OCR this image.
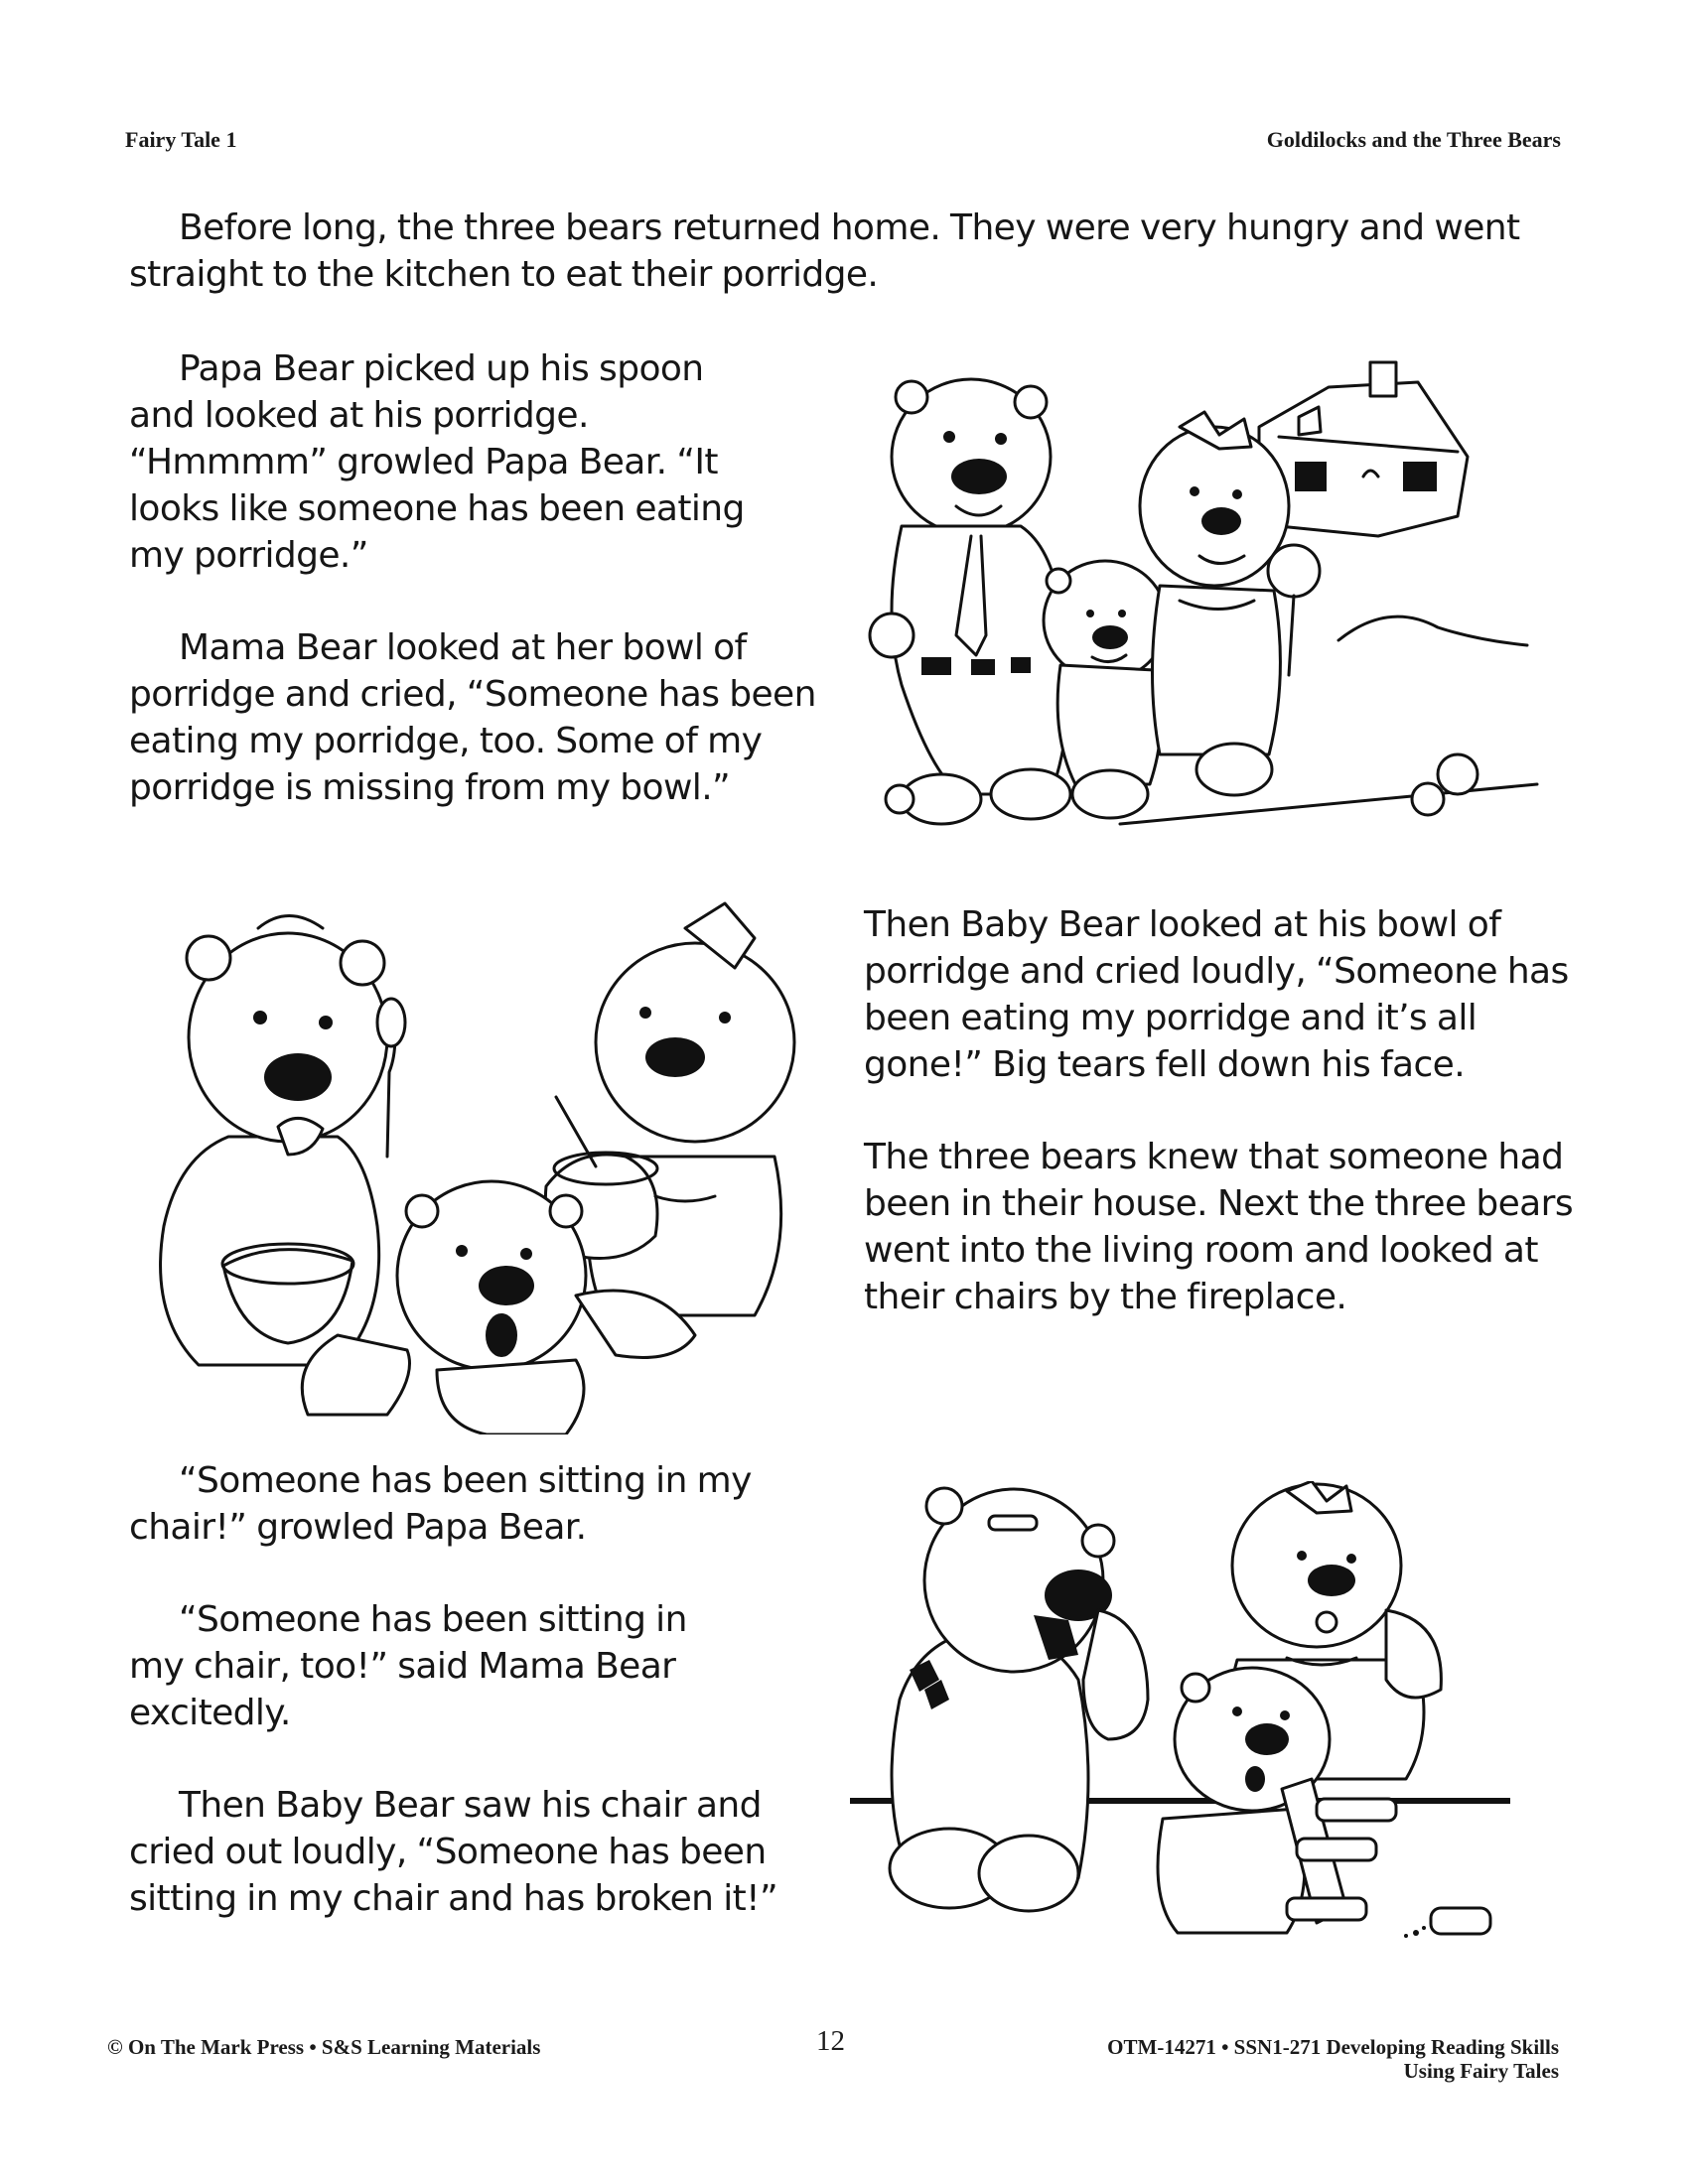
Fairy Tale 1	Goldilocks and the Three Bears

Before long, the three bears returned home. They were very hungry and went straight to the kitchen to eat their porridge.

Papa Bear picked up his spoon and looked at his porridge. “Hmmmm” growled Papa Bear. “It looks like someone has been eating my porridge.”

Mama Bear looked at her bowl of porridge and cried, “Someone has been eating my porridge, too. Some of my porridge is missing from my bowl.”

Then Baby Bear looked at his bowl of porridge and cried loudly, “Someone has been eating my porridge and it’s all gone!” Big tears fell down his face.

The three bears knew that someone had been in their house. Next the three bears went into the living room and looked at their chairs by the fireplace.

“Someone has been sitting in my chair!” growled Papa Bear.

“Someone has been sitting in my chair, too!” said Mama Bear excitedly.

Then Baby Bear saw his chair and cried out loudly, “Someone has been sitting in my chair and has broken it!”

© On The Mark Press • S&S Learning Materials	12	OTM-14271 • SSN1-271 Developing Reading Skills
Using Fairy Tales
